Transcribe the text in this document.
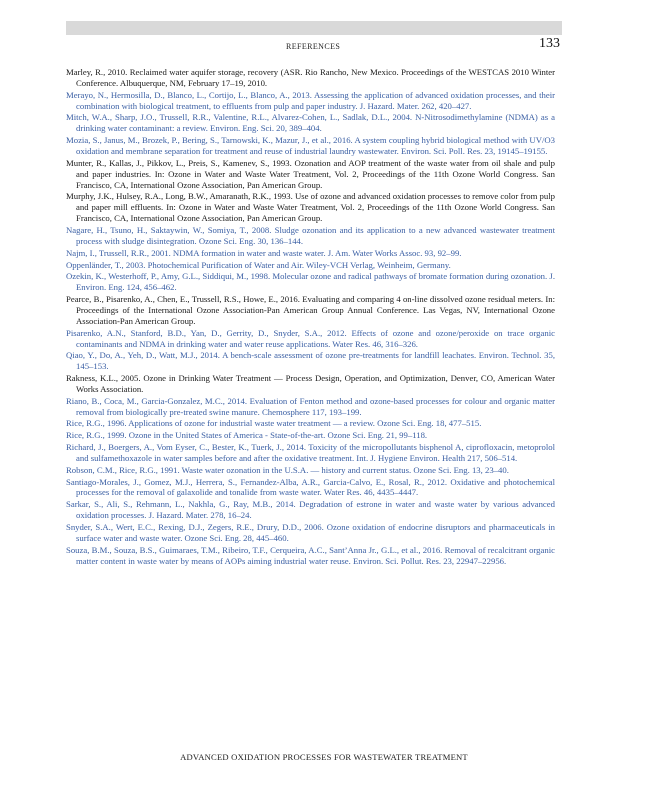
REFERENCES	133

Marley, R., 2010. Reclaimed water aquifer storage, recovery (ASR. Rio Rancho, New Mexico. Proceedings of the WESTCAS 2010 Winter Conference. Albuquerque, NM, February 17–19, 2010.

Merayo, N., Hermosilla, D., Blanco, L., Cortijo, L., Blanco, A., 2013. Assessing the application of advanced oxidation processes, and their combination with biological treatment, to effluents from pulp and paper industry. J. Hazard. Mater. 262, 420–427.

Mitch, W.A., Sharp, J.O., Trussell, R.R., Valentine, R.L., Alvarez-Cohen, L., Sadlak, D.L., 2004. N-Nitrosodimethylamine (NDMA) as a drinking water contaminant: a review. Environ. Eng. Sci. 20, 389–404.

Mozia, S., Janus, M., Brozek, P., Bering, S., Tarnowski, K., Mazur, J., et al., 2016. A system coupling hybrid biological method with UV/O3 oxidation and membrane separation for treatment and reuse of industrial laundry wastewater. Environ. Sci. Poll. Res. 23, 19145–19155.

Munter, R., Kallas, J., Pikkov, L., Preis, S., Kamenev, S., 1993. Ozonation and AOP treatment of the waste water from oil shale and pulp and paper industries. In: Ozone in Water and Waste Water Treatment, Vol. 2, Proceedings of the 11th Ozone World Congress. San Francisco, CA, International Ozone Association, Pan American Group.

Murphy, J.K., Hulsey, R.A., Long, B.W., Amaranath, R.K., 1993. Use of ozone and advanced oxidation processes to remove color from pulp and paper mill effluents. In: Ozone in Water and Waste Water Treatment, Vol. 2, Proceedings of the 11th Ozone World Congress. San Francisco, CA, International Ozone Association, Pan American Group.

Nagare, H., Tsuno, H., Saktaywin, W., Somiya, T., 2008. Sludge ozonation and its application to a new advanced wastewater treatment process with sludge disintegration. Ozone Sci. Eng. 30, 136–144.

Najm, I., Trussell, R.R., 2001. NDMA formation in water and waste water. J. Am. Water Works Assoc. 93, 92–99.

Oppenländer, T., 2003. Photochemical Purification of Water and Air. Wiley-VCH Verlag, Weinheim, Germany.

Ozekin, K., Westerhoff, P., Amy, G.L., Siddiqui, M., 1998. Molecular ozone and radical pathways of bromate formation during ozonation. J. Environ. Eng. 124, 456–462.

Pearce, B., Pisarenko, A., Chen, E., Trussell, R.S., Howe, E., 2016. Evaluating and comparing 4 on-line dissolved ozone residual meters. In: Proceedings of the International Ozone Association-Pan American Group Annual Conference. Las Vegas, NV, International Ozone Association-Pan American Group.

Pisarenko, A.N., Stanford, B.D., Yan, D., Gerrity, D., Snyder, S.A., 2012. Effects of ozone and ozone/peroxide on trace organic contaminants and NDMA in drinking water and water reuse applications. Water Res. 46, 316–326.

Qiao, Y., Do, A., Yeh, D., Watt, M.J., 2014. A bench-scale assessment of ozone pre-treatments for landfill leachates. Environ. Technol. 35, 145–153.

Rakness, K.L., 2005. Ozone in Drinking Water Treatment — Process Design, Operation, and Optimization, Denver, CO, American Water Works Association.

Riano, B., Coca, M., Garcia-Gonzalez, M.C., 2014. Evaluation of Fenton method and ozone-based processes for colour and organic matter removal from biologically pre-treated swine manure. Chemosphere 117, 193–199.

Rice, R.G., 1996. Applications of ozone for industrial waste water treatment — a review. Ozone Sci. Eng. 18, 477–515.

Rice, R.G., 1999. Ozone in the United States of America - State-of-the-art. Ozone Sci. Eng. 21, 99–118.

Richard, J., Boergers, A., Vom Eyser, C., Bester, K., Tuerk, J., 2014. Toxicity of the micropollutants bisphenol A, ciprofloxacin, metoprolol and sulfamethoxazole in water samples before and after the oxidative treatment. Int. J. Hygiene Environ. Health 217, 506–514.

Robson, C.M., Rice, R.G., 1991. Waste water ozonation in the U.S.A. — history and current status. Ozone Sci. Eng. 13, 23–40.

Santiago-Morales, J., Gomez, M.J., Herrera, S., Fernandez-Alba, A.R., Garcia-Calvo, E., Rosal, R., 2012. Oxidative and photochemical processes for the removal of galaxolide and tonalide from waste water. Water Res. 46, 4435–4447.

Sarkar, S., Ali, S., Rehmann, L., Nakhla, G., Ray, M.B., 2014. Degradation of estrone in water and waste water by various advanced oxidation processes. J. Hazard. Mater. 278, 16–24.

Snyder, S.A., Wert, E.C., Rexing, D.J., Zegers, R.E., Drury, D.D., 2006. Ozone oxidation of endocrine disruptors and pharmaceuticals in surface water and waste water. Ozone Sci. Eng. 28, 445–460.

Souza, B.M., Souza, B.S., Guimaraes, T.M., Ribeiro, T.F., Cerqueira, A.C., Sant’Anna Jr., G.L., et al., 2016. Removal of recalcitrant organic matter content in waste water by means of AOPs aiming industrial water reuse. Environ. Sci. Pollut. Res. 23, 22947–22956.

ADVANCED OXIDATION PROCESSES FOR WASTEWATER TREATMENT
